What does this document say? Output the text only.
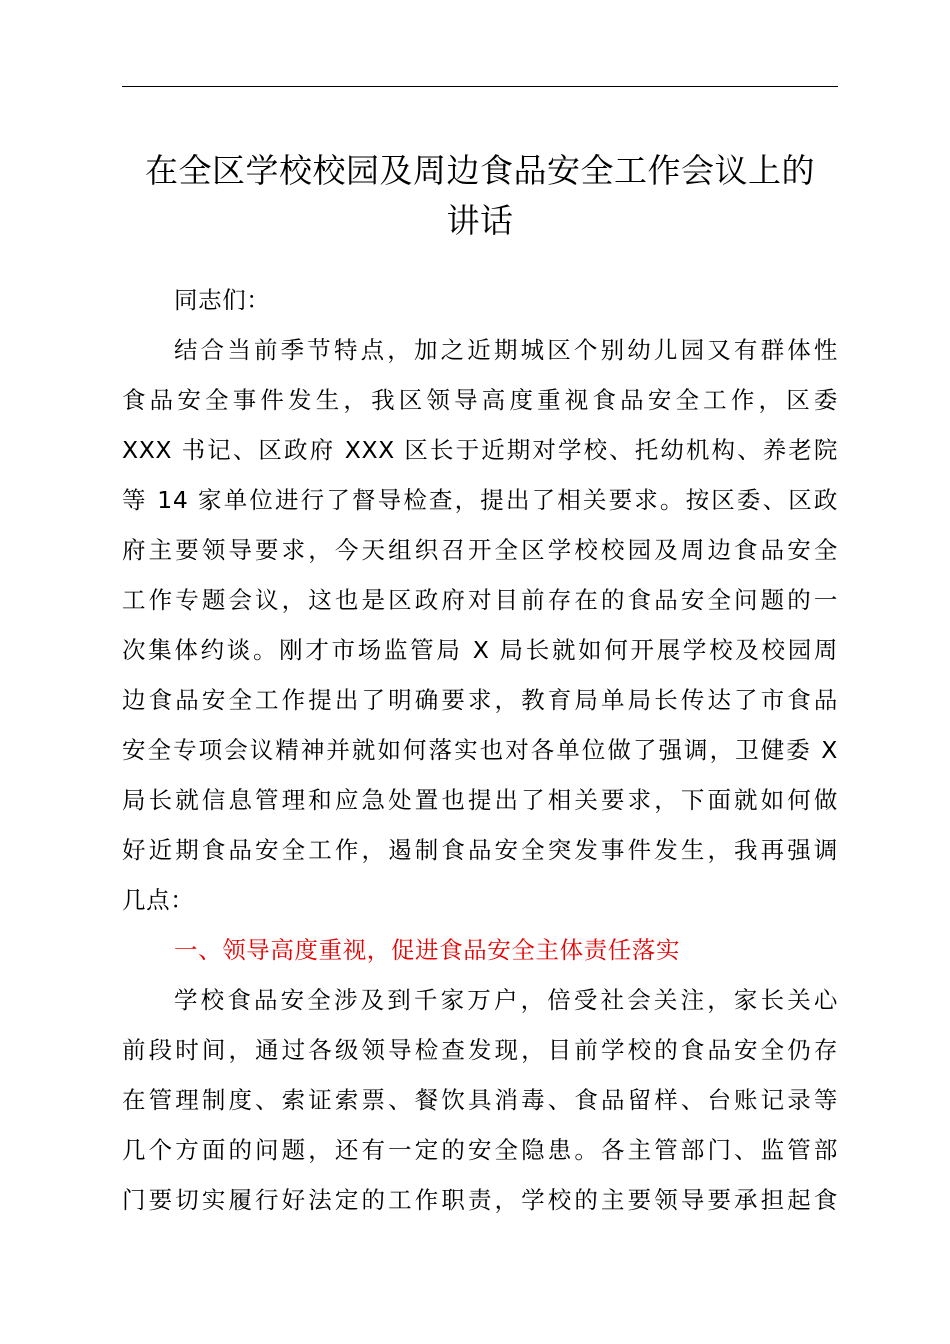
在全区学校校园及周边食品安全工作会议上的
讲话
同志们：
结合当前季节特点，加之近期城区个别幼儿园又有群体性
食品安全事件发生，我区领导高度重视食品安全工作，区委
XXX 书记、区政府 XXX 区长于近期对学校、托幼机构、养老院
等 14 家单位进行了督导检查，提出了相关要求。按区委、区政
府主要领导要求，今天组织召开全区学校校园及周边食品安全
工作专题会议，这也是区政府对目前存在的食品安全问题的一
次集体约谈。刚才市场监管局 X 局长就如何开展学校及校园周
边食品安全工作提出了明确要求，教育局单局长传达了市食品
安全专项会议精神并就如何落实也对各单位做了强调，卫健委 X
局长就信息管理和应急处置也提出了相关要求，下面就如何做
好近期食品安全工作，遏制食品安全突发事件发生，我再强调
几点：
一、领导高度重视，促进食品安全主体责任落实
学校食品安全涉及到千家万户，倍受社会关注，家长关心
前段时间，通过各级领导检查发现，目前学校的食品安全仍存
在管理制度、索证索票、餐饮具消毒、食品留样、台账记录等
几个方面的问题，还有一定的安全隐患。各主管部门、监管部
门要切实履行好法定的工作职责，学校的主要领导要承担起食
